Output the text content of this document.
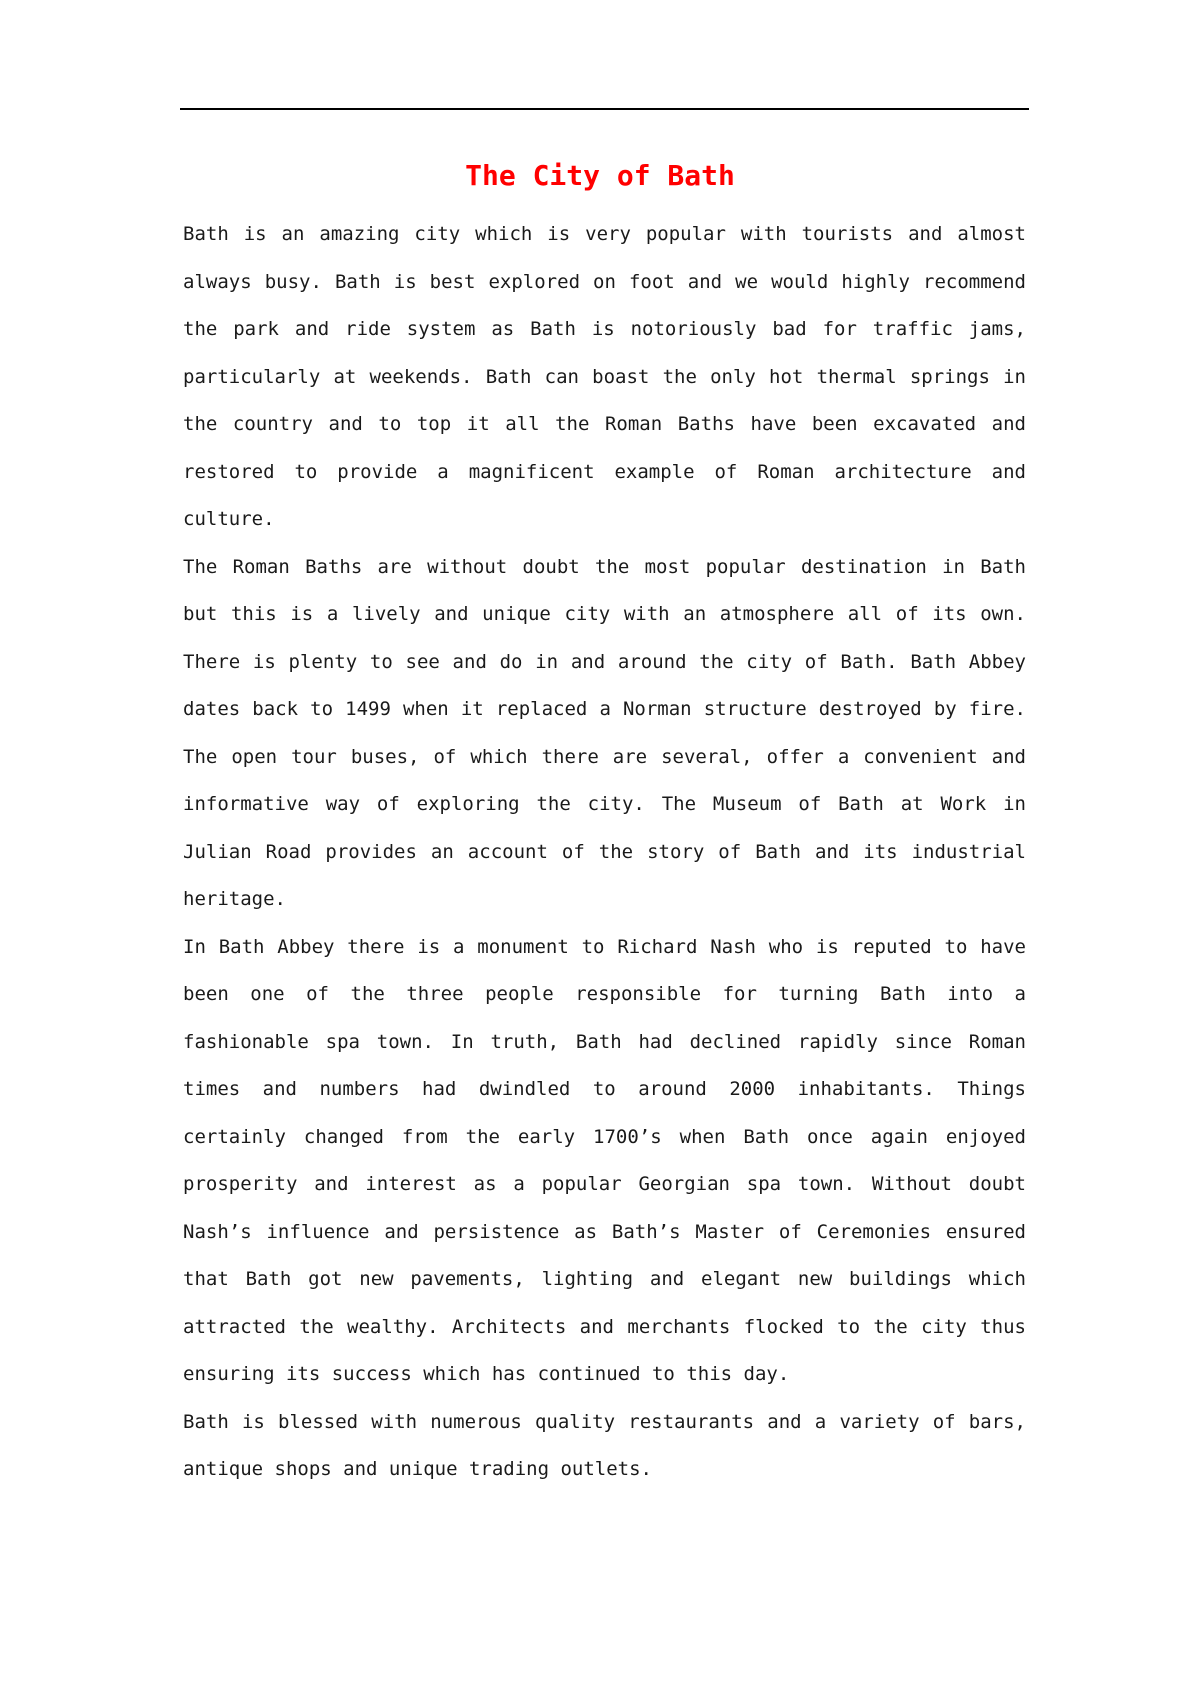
The City of Bath

Bath is an amazing city which is very popular with tourists and almost always busy. Bath is best explored on foot and we would highly recommend the park and ride system as Bath is notoriously bad for traffic jams, particularly at weekends. Bath can boast the only hot thermal springs in the country and to top it all the Roman Baths have been excavated and restored to provide a magnificent example of Roman architecture and culture.

The Roman Baths are without doubt the most popular destination in Bath but this is a lively and unique city with an atmosphere all of its own. There is plenty to see and do in and around the city of Bath. Bath Abbey dates back to 1499 when it replaced a Norman structure destroyed by fire. The open tour buses, of which there are several, offer a convenient and informative way of exploring the city. The Museum of Bath at Work in Julian Road provides an account of the story of Bath and its industrial heritage.

In Bath Abbey there is a monument to Richard Nash who is reputed to have been one of the three people responsible for turning Bath into a fashionable spa town. In truth, Bath had declined rapidly since Roman times and numbers had dwindled to around 2000 inhabitants. Things certainly changed from the early 1700’s when Bath once again enjoyed prosperity and interest as a popular Georgian spa town. Without doubt Nash’s influence and persistence as Bath’s Master of Ceremonies ensured that Bath got new pavements, lighting and elegant new buildings which attracted the wealthy. Architects and merchants flocked to the city thus ensuring its success which has continued to this day.

Bath is blessed with numerous quality restaurants and a variety of bars, antique shops and unique trading outlets.
